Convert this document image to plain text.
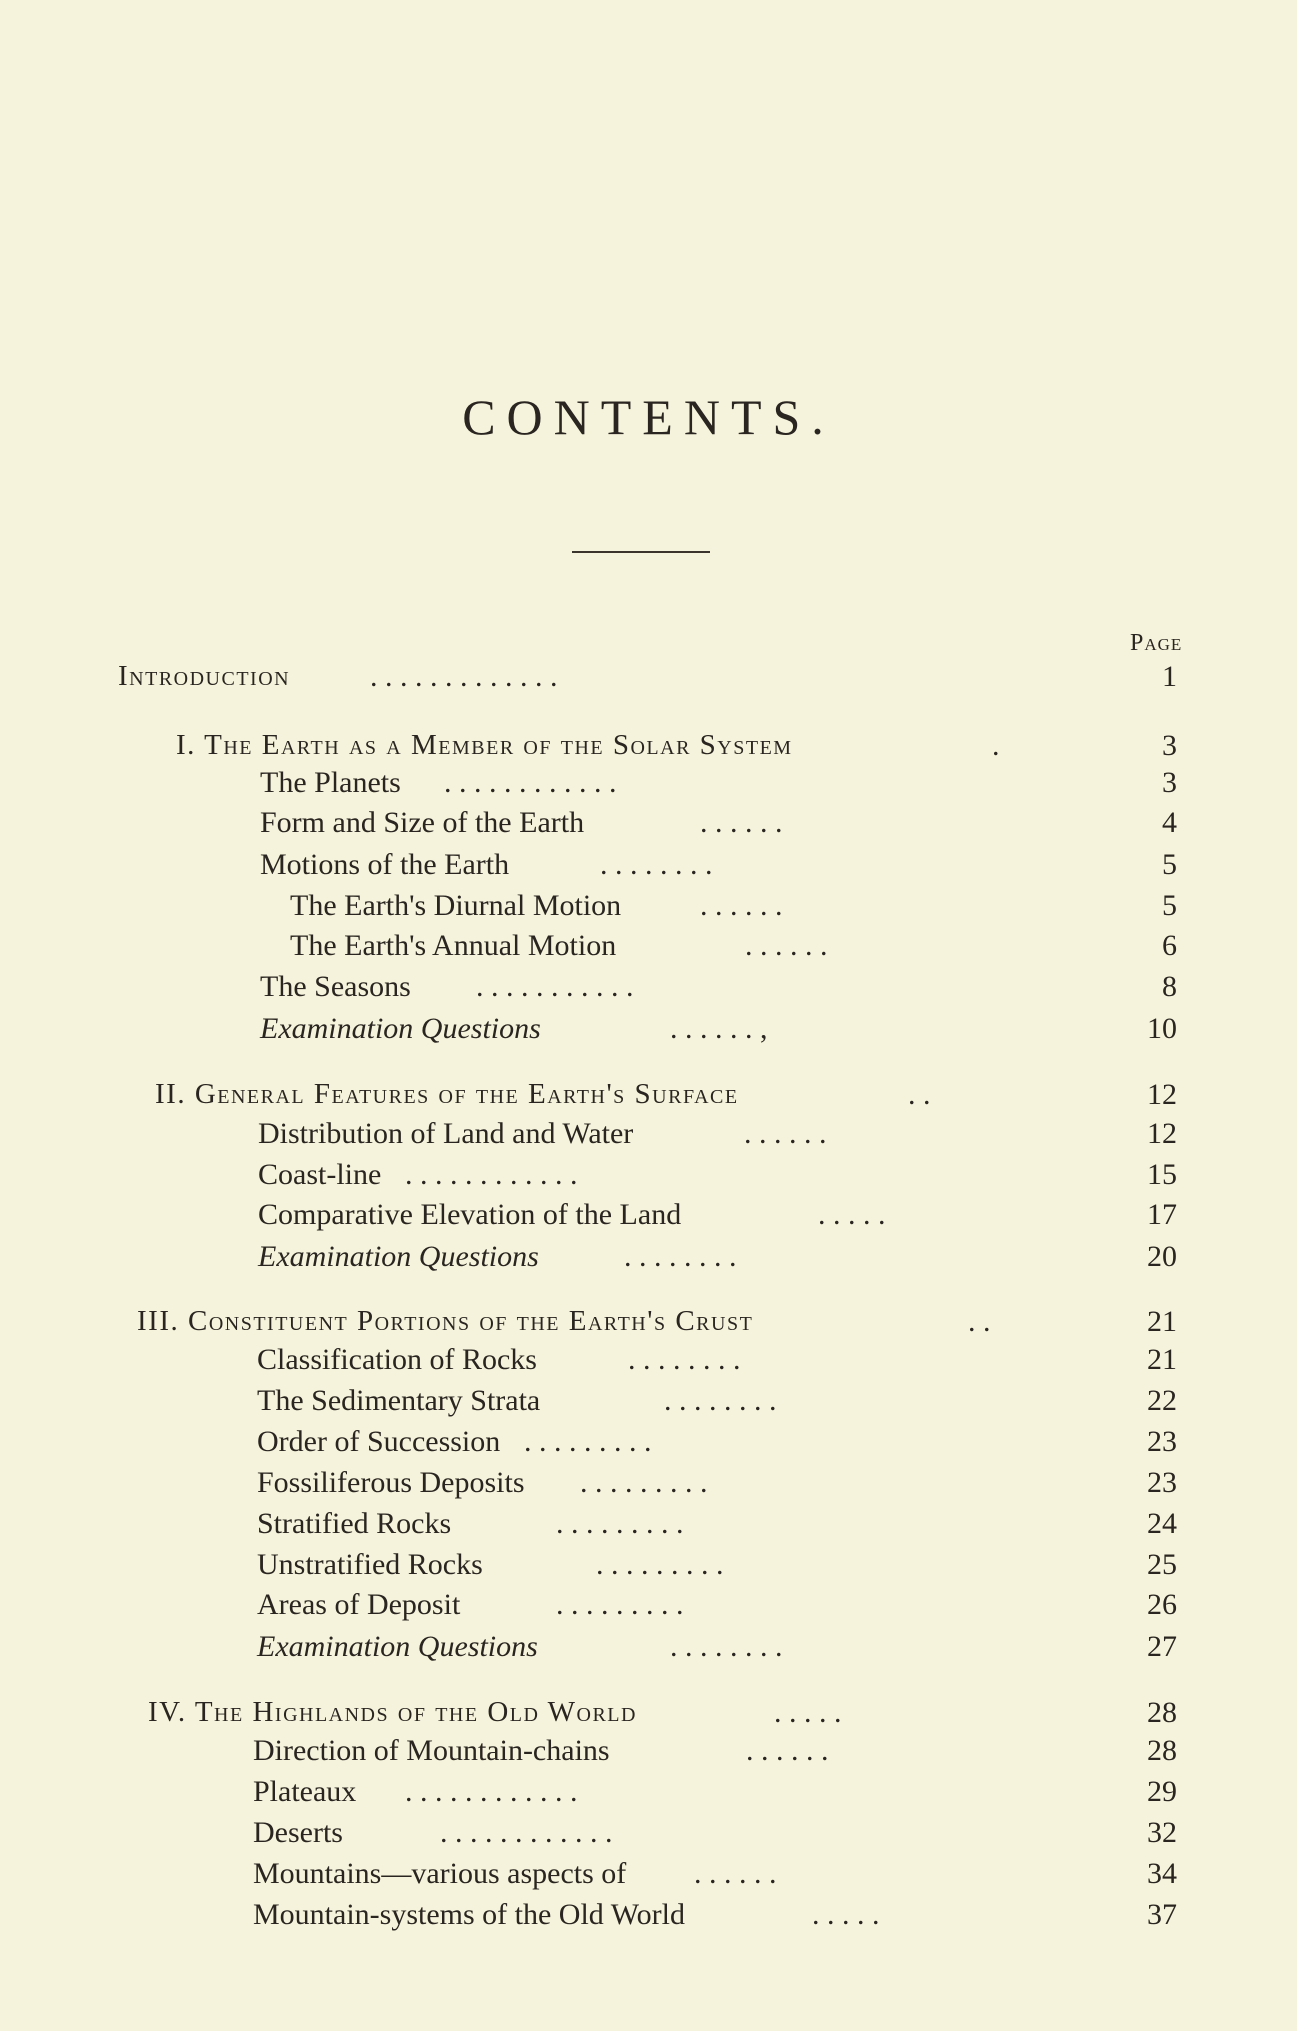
CONTENTS.
Page
Introduction	. . . . . . . . . . . . .	1
I. The Earth as a Member of the Solar System	.	3
The Planets . . . . . . . . . . . .	3
Form and Size of the Earth	. . . . . .	4
Motions of the Earth	. . . . . . . .	5
The Earth's Diurnal Motion	. . . . . .	5
The Earth's Annual Motion	. . . . . .	6
The Seasons . . . . . . . . . . .	8
Examination Questions	. . . . . . ,	10
II. General Features of the Earth's Surface	. .	12
Distribution of Land and Water	. . . . . .	12
Coast-line . . . . . . . . . . . .	15
Comparative Elevation of the Land	. . . . .	17
Examination Questions	. . . . . . . .	20
III. Constituent Portions of the Earth's Crust	. .	21
Classification of Rocks	. . . . . . . .	21
The Sedimentary Strata	. . . . . . . .	22
Order of Succession . . . . . . . . .	23
Fossiliferous Deposits . . . . . . . . .	23
Stratified Rocks	. . . . . . . . .	24
Unstratified Rocks	. . . . . . . . .	25
Areas of Deposit	. . . . . . . . .	26
Examination Questions	. . . . . . . .	27
IV. The Highlands of the Old World	. . . . .	28
Direction of Mountain-chains	. . . . . .	28
Plateaux . . . . . . . . . . . .	29
Deserts	. . . . . . . . . . . .	32
Mountains—various aspects of . . . . . .	34
Mountain-systems of the Old World	. . . . .	37
